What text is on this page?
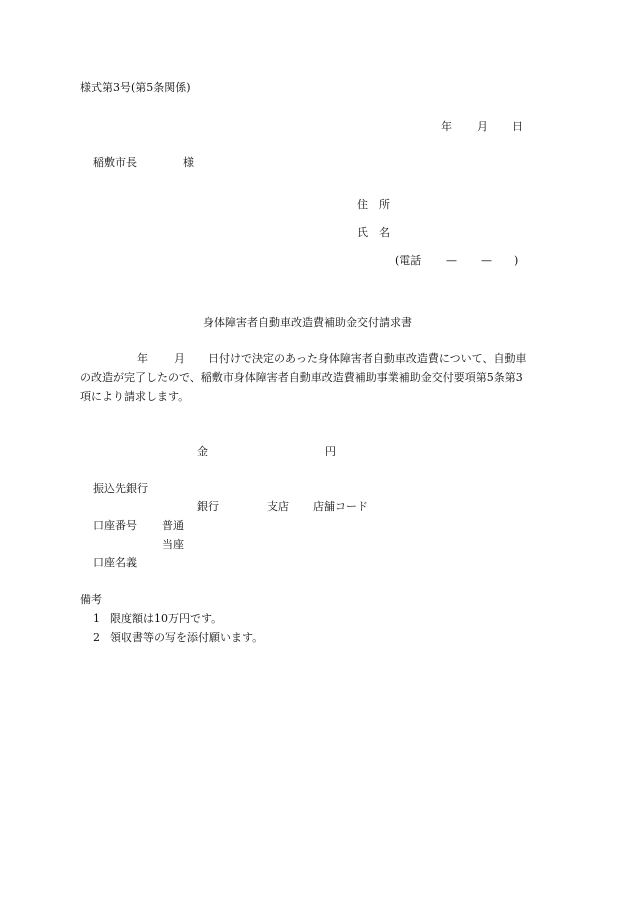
様式第3号(第5条関係)
年 月 日
稲敷市長	様
住　所
氏　名
(電話 — — )
身体障害者自動車改造費補助金交付請求書
年 月 日付けで決定のあった身体障害者自動車改造費について、自動車
の改造が完了したので、稲敷市身体障害者自動車改造費補助事業補助金交付要項第5条第3
項により請求します。
金	円
振込先銀行
銀行	支店 店舗コード
口座番号 普通
当座
口座名義
備考
1 限度額は10万円です。
2 領収書等の写を添付願います。
